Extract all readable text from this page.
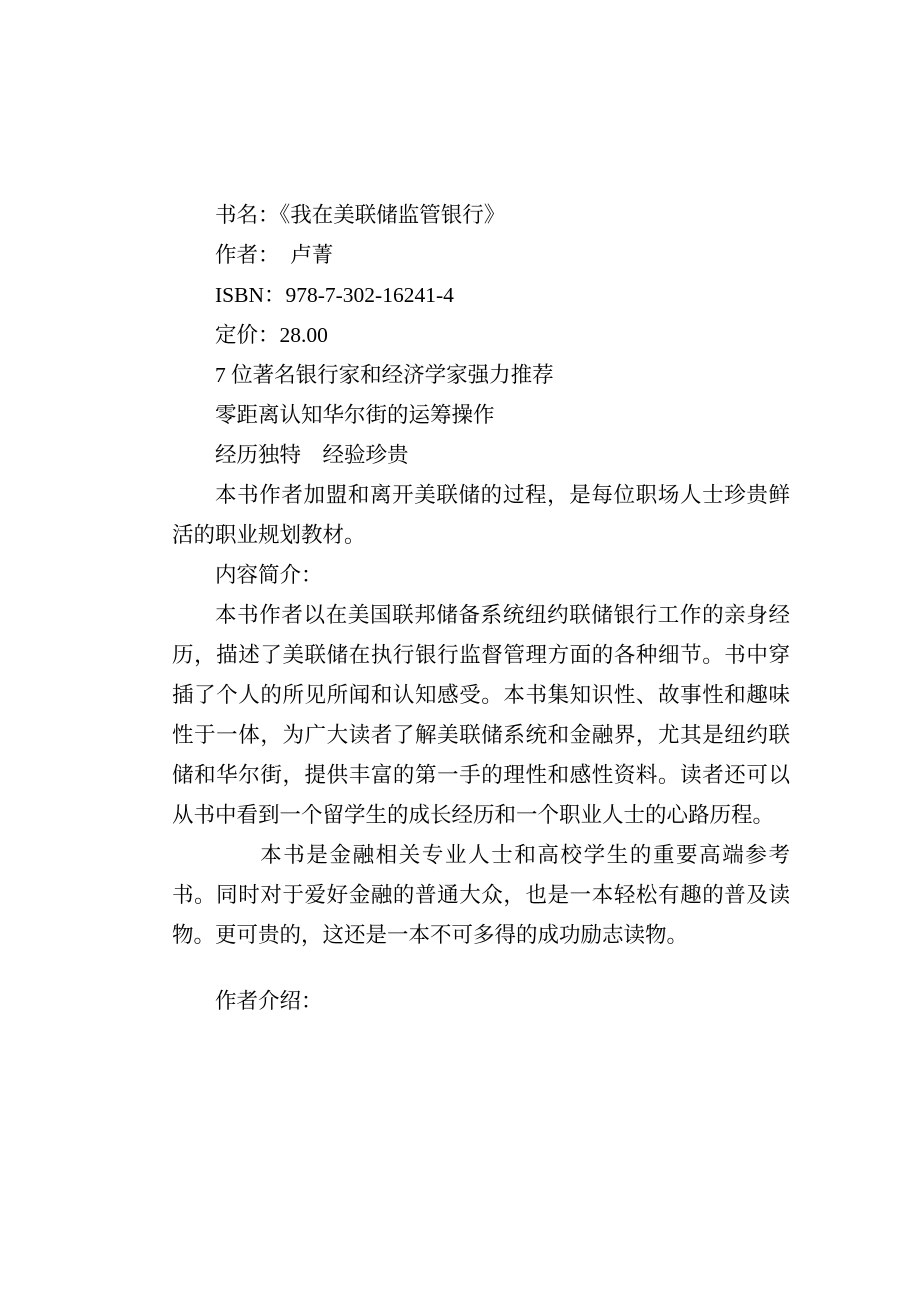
书名：《我在美联储监管银行》
作者：  卢菁
ISBN：978-7-302-16241-4
定价：28.00
7 位著名银行家和经济学家强力推荐
零距离认知华尔街的运筹操作
经历独特　经验珍贵

本书作者加盟和离开美联储的过程，是每位职场人士珍贵鲜活的职业规划教材。

内容简介：

本书作者以在美国联邦储备系统纽约联储银行工作的亲身经历，描述了美联储在执行银行监督管理方面的各种细节。书中穿插了个人的所见所闻和认知感受。本书集知识性、故事性和趣味性于一体，为广大读者了解美联储系统和金融界，尤其是纽约联储和华尔街，提供丰富的第一手的理性和感性资料。读者还可以从书中看到一个留学生的成长经历和一个职业人士的心路历程。

本书是金融相关专业人士和高校学生的重要高端参考书。同时对于爱好金融的普通大众，也是一本轻松有趣的普及读物。更可贵的，这还是一本不可多得的成功励志读物。

作者介绍：
